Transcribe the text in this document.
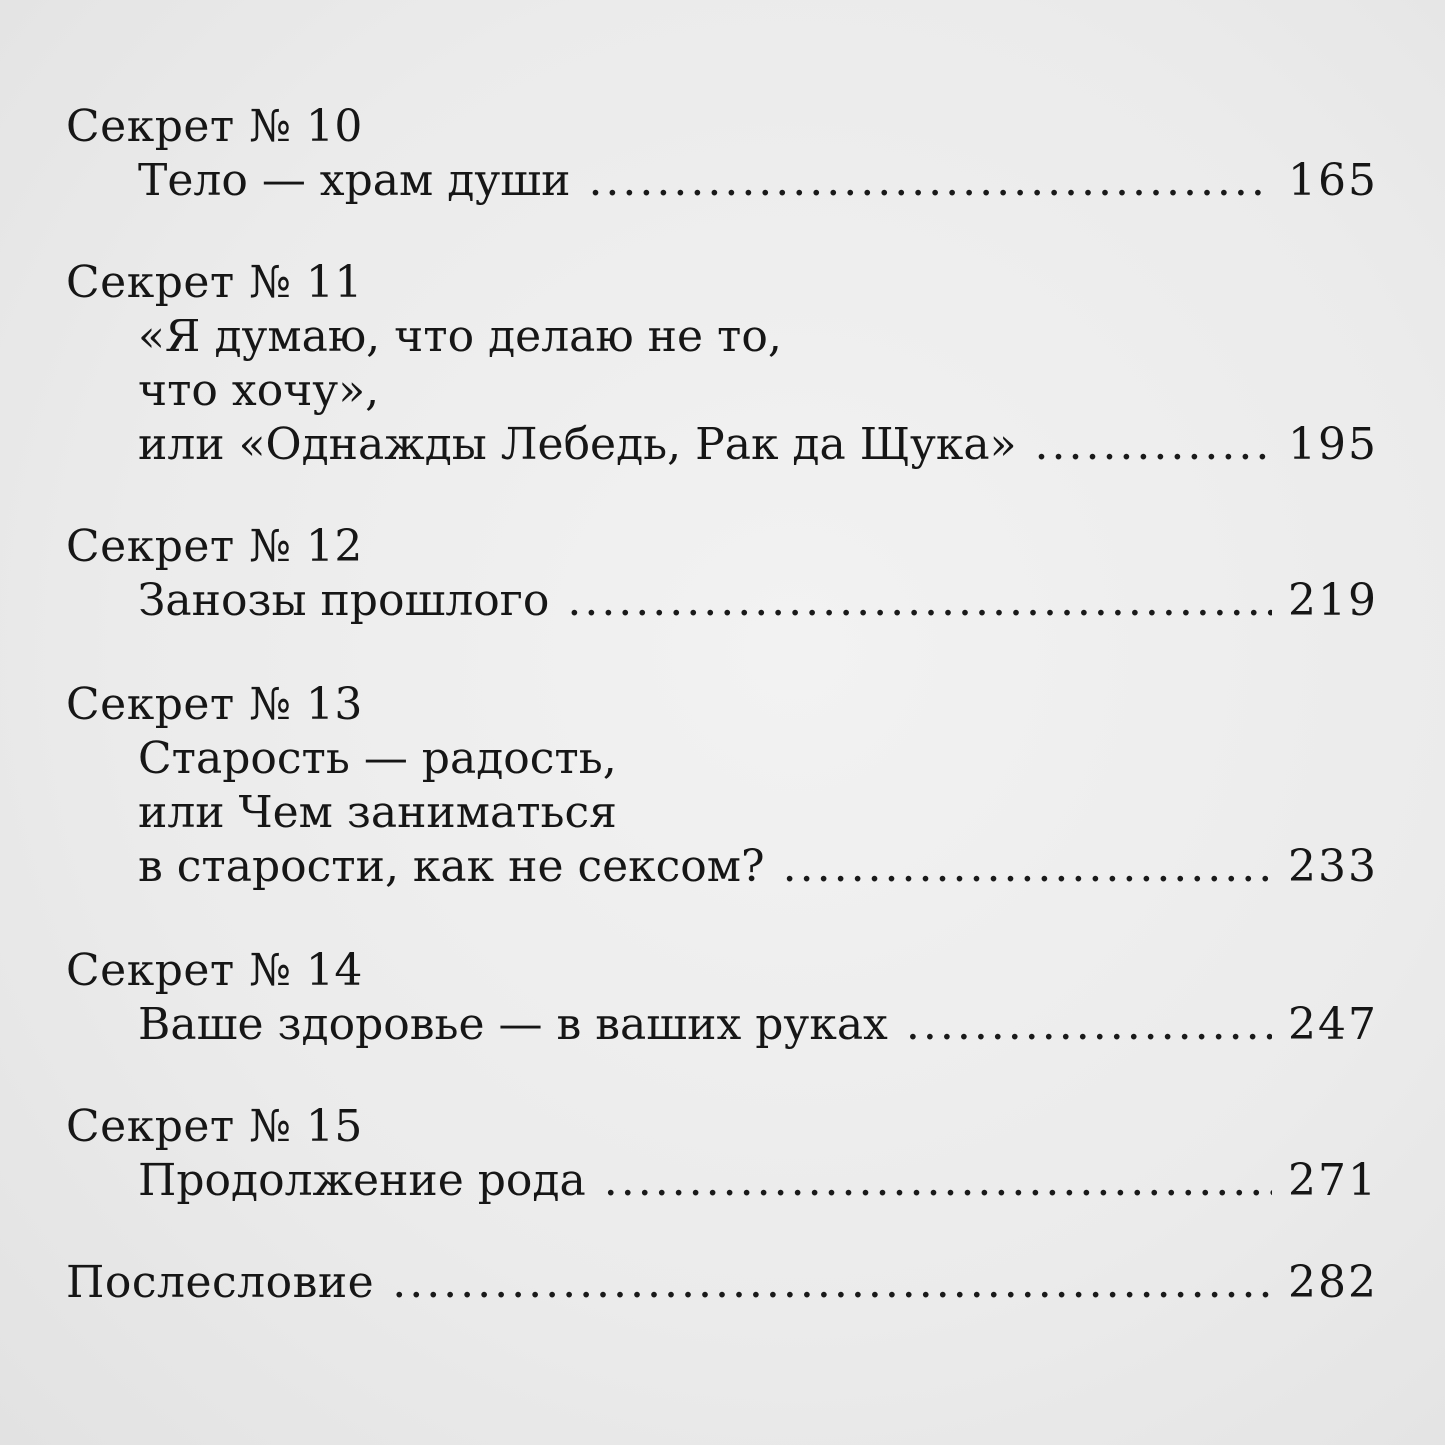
Секрет № 10
Тело — храм души .....	165
Секрет № 11
«Я думаю, что делаю не то,
что хочу»,
или «Однажды Лебедь, Рак да Щука» .....	195
Секрет № 12
Занозы прошлого .....	219
Секрет № 13
Старость — радость,
или Чем заниматься
в старости, как не сексом? .....	233
Секрет № 14
Ваше здоровье — в ваших руках .....	247
Секрет № 15
Продолжение рода .....	271
Послесловие .....	282
